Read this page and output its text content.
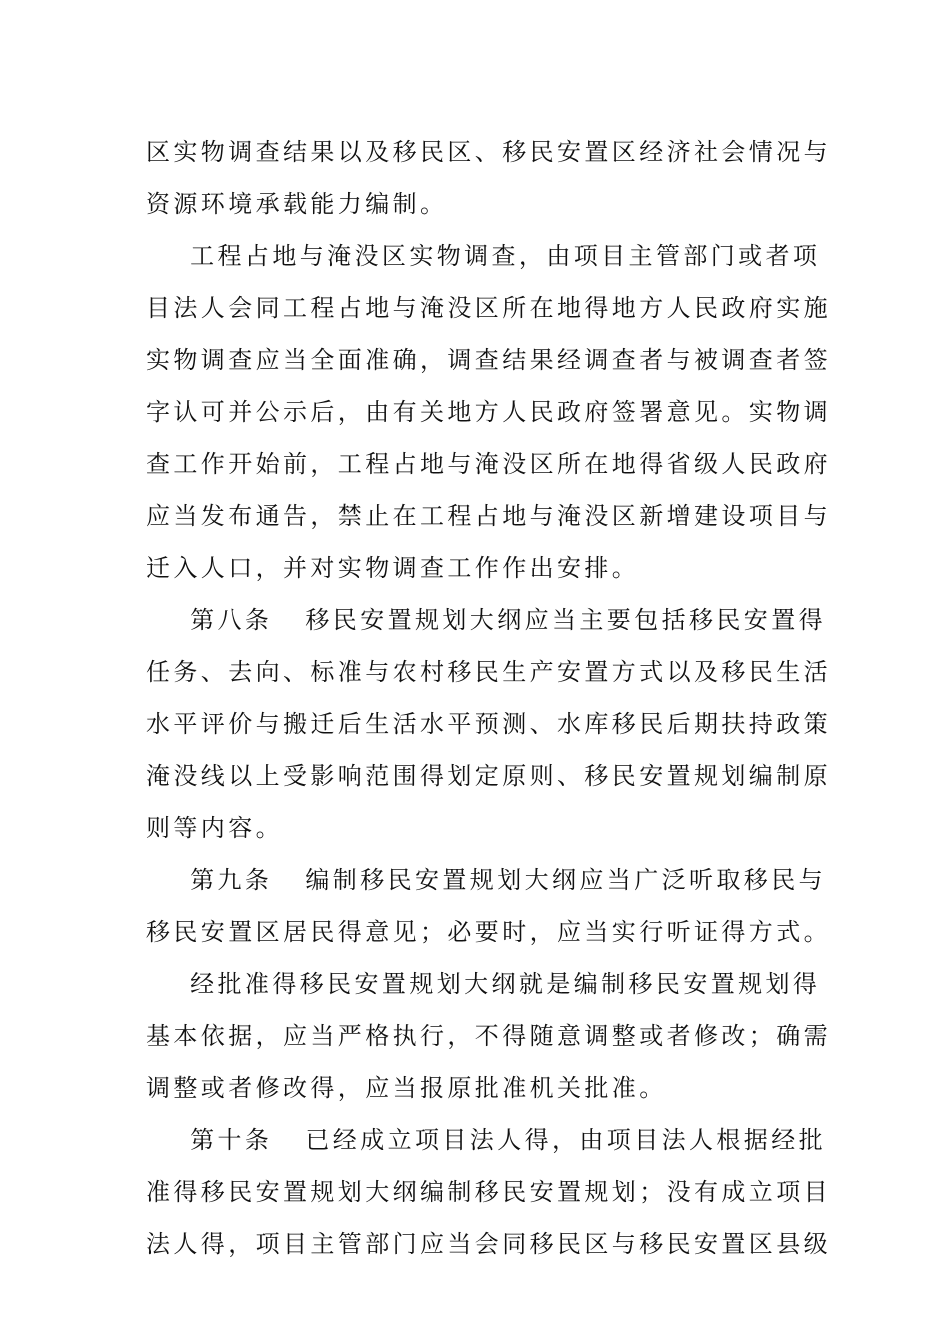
区实物调查结果以及移民区、移民安置区经济社会情况与
资源环境承载能力编制。
工程占地与淹没区实物调查，由项目主管部门或者项
目法人会同工程占地与淹没区所在地得地方人民政府实施
实物调查应当全面准确，调查结果经调查者与被调查者签
字认可并公示后，由有关地方人民政府签署意见。实物调
查工作开始前，工程占地与淹没区所在地得省级人民政府
应当发布通告，禁止在工程占地与淹没区新增建设项目与
迁入人口，并对实物调查工作作出安排。
第八条   移民安置规划大纲应当主要包括移民安置得
任务、去向、标准与农村移民生产安置方式以及移民生活
水平评价与搬迁后生活水平预测、水库移民后期扶持政策
淹没线以上受影响范围得划定原则、移民安置规划编制原
则等内容。
第九条   编制移民安置规划大纲应当广泛听取移民与
移民安置区居民得意见；必要时，应当实行听证得方式。
经批准得移民安置规划大纲就是编制移民安置规划得
基本依据，应当严格执行，不得随意调整或者修改；确需
调整或者修改得，应当报原批准机关批准。
第十条   已经成立项目法人得，由项目法人根据经批
准得移民安置规划大纲编制移民安置规划；没有成立项目
法人得，项目主管部门应当会同移民区与移民安置区县级
